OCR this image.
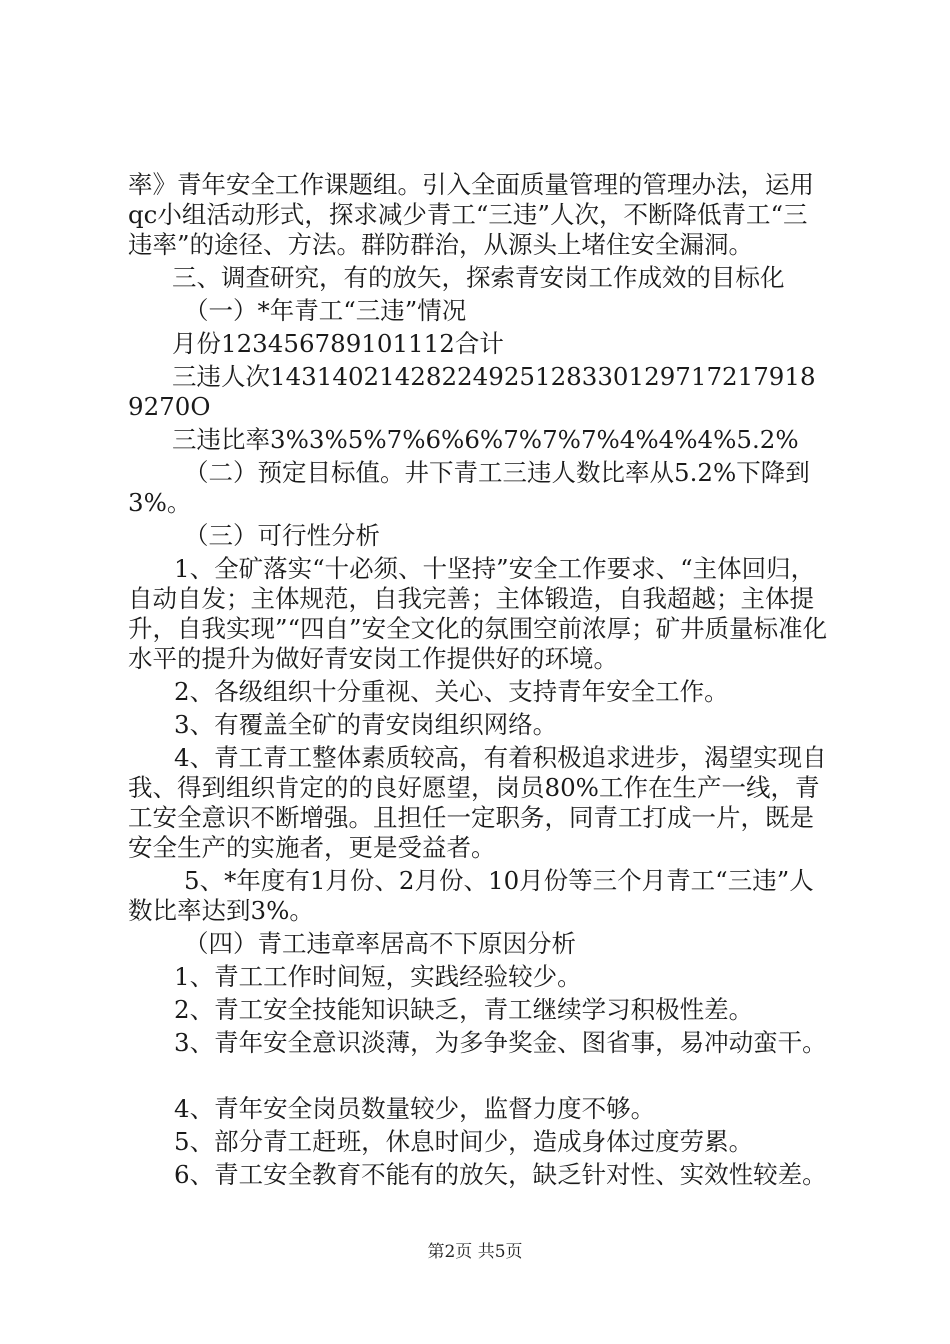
率》青年安全工作课题组。引入全面质量管理的管理办法，运用qc小组活动形式，探求减少青工“三违”人次，不断降低青工“三违率”的途径、方法。群防群治，从源头上堵住安全漏洞。

三、调查研究，有的放矢，探索青安岗工作成效的目标化

（一）*年青工“三违”情况

月份123456789101112合计

三违人次143140214282249251283301297172179189270O

三违比率3%3%5%7%6%6%7%7%7%4%4%4%5.2%

（二）预定目标值。井下青工三违人数比率从5.2%下降到3%。

（三）可行性分析

1、全矿落实“十必须、十坚持”安全工作要求、“主体回归，自动自发；主体规范，自我完善；主体锻造，自我超越；主体提升，自我实现”“四自”安全文化的氛围空前浓厚；矿井质量标准化水平的提升为做好青安岗工作提供好的环境。

2、各级组织十分重视、关心、支持青年安全工作。

3、有覆盖全矿的青安岗组织网络。

4、青工青工整体素质较高，有着积极追求进步，渴望实现自我、得到组织肯定的的良好愿望，岗员80%工作在生产一线，青工安全意识不断增强。且担任一定职务，同青工打成一片，既是安全生产的实施者，更是受益者。

5、*年度有1月份、2月份、10月份等三个月青工“三违”人数比率达到3%。

（四）青工违章率居高不下原因分析

1、青工工作时间短，实践经验较少。

2、青工安全技能知识缺乏，青工继续学习积极性差。

3、青年安全意识淡薄，为多争奖金、图省事，易冲动蛮干。

4、青年安全岗员数量较少，监督力度不够。

5、部分青工赶班，休息时间少，造成身体过度劳累。

6、青工安全教育不能有的放矢，缺乏针对性、实效性较差。

第2页 共5页
